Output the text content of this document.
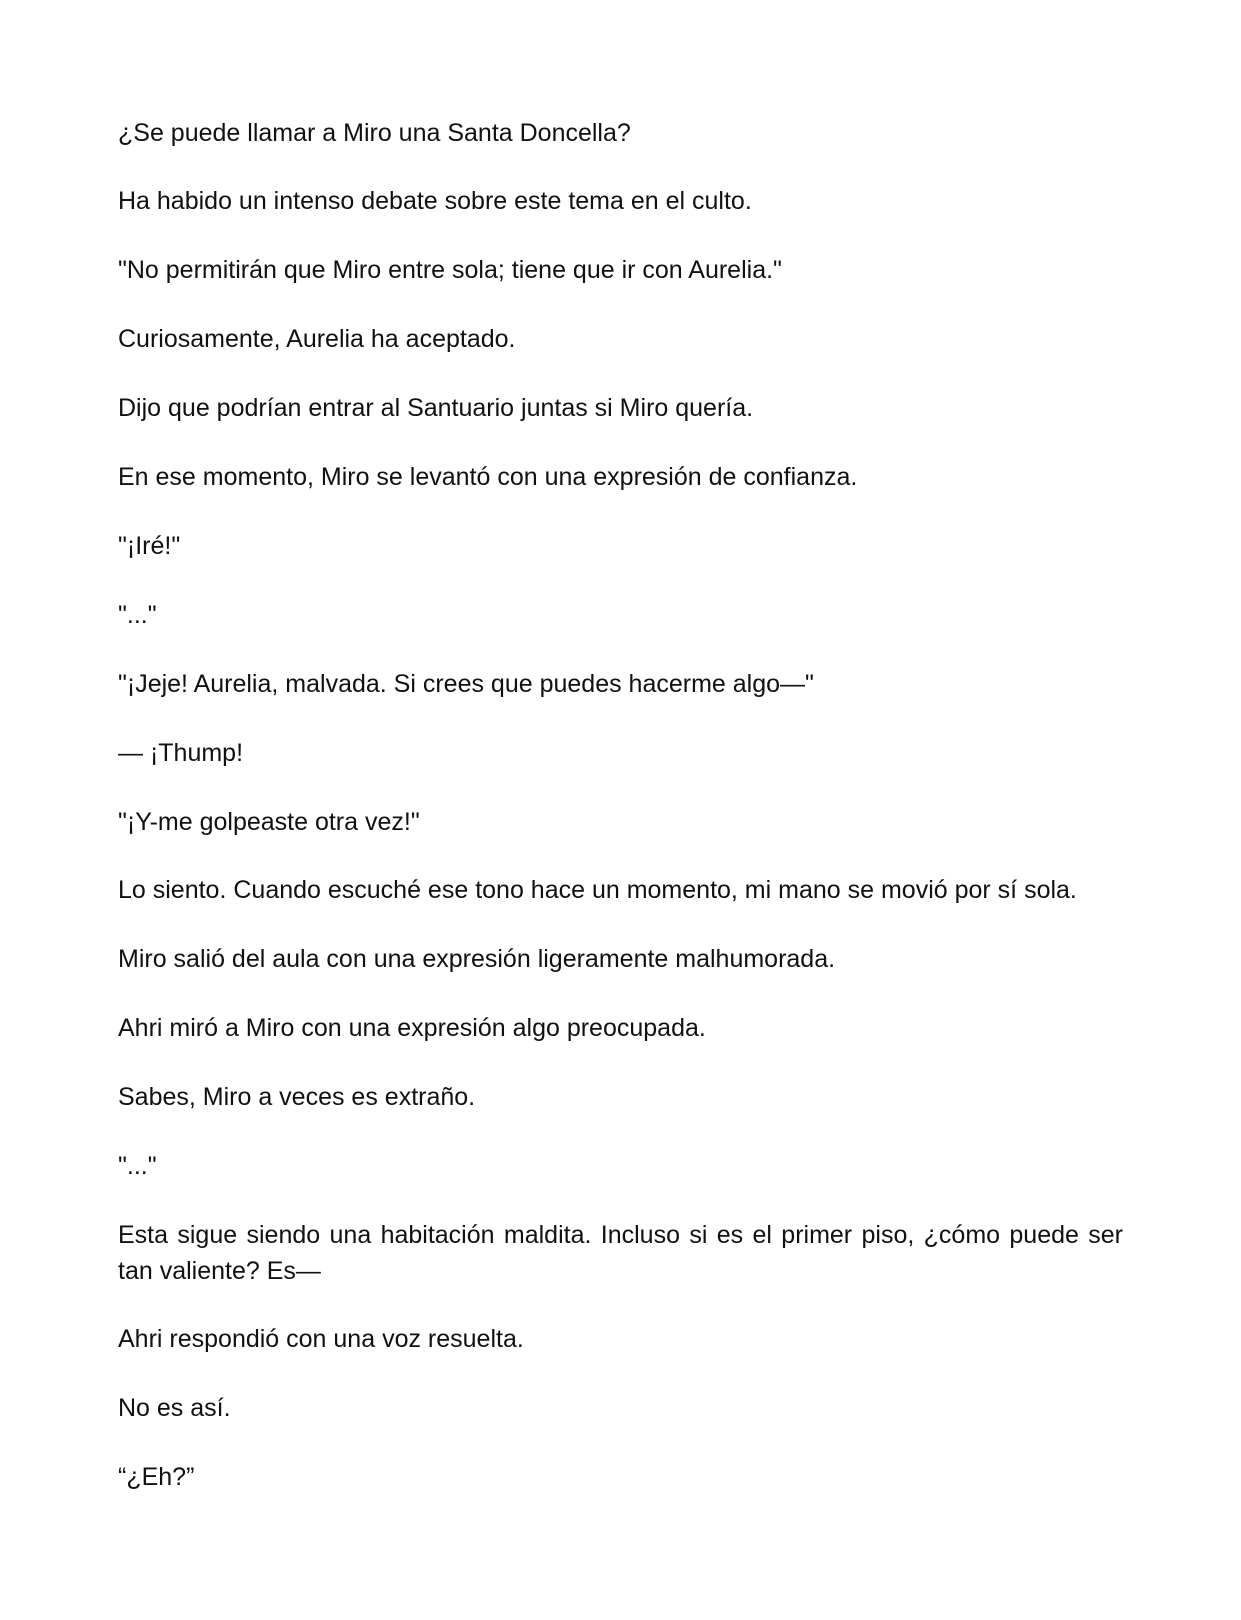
¿Se puede llamar a Miro una Santa Doncella?

Ha habido un intenso debate sobre este tema en el culto.

"No permitirán que Miro entre sola; tiene que ir con Aurelia."

Curiosamente, Aurelia ha aceptado.

Dijo que podrían entrar al Santuario juntas si Miro quería.

En ese momento, Miro se levantó con una expresión de confianza.

"¡Iré!"

"..."

"¡Jeje! Aurelia, malvada. Si crees que puedes hacerme algo—"

— ¡Thump!

"¡Y-me golpeaste otra vez!"

Lo siento. Cuando escuché ese tono hace un momento, mi mano se movió por sí sola.

Miro salió del aula con una expresión ligeramente malhumorada.

Ahri miró a Miro con una expresión algo preocupada.

Sabes, Miro a veces es extraño.

"..."

Esta sigue siendo una habitación maldita. Incluso si es el primer piso, ¿cómo puede ser tan valiente? Es—

Ahri respondió con una voz resuelta.

No es así.

“¿Eh?”
